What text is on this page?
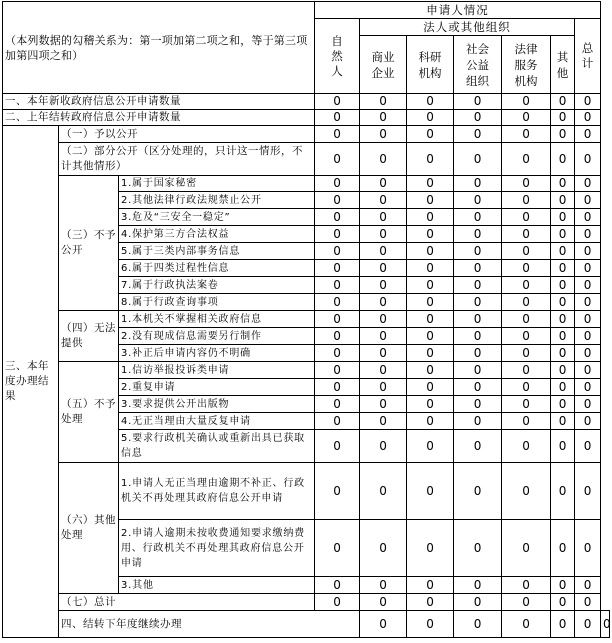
（本列数据的勾稽关系为：第一项加第二项之和，等于第三项加第四项之和）			申请人情况							

			自然人	法人或其他组织					总计	

				商业企业	科研机构	社会公益组织	法律服务机构	其他		

一、本年新收政府信息公开申请数量			0	0	0	0	0	0	0	
二、上年结转政府信息公开申请数量			0	0	0	0	0	0	0	

三、本年度办理结果	（一）予以公开		0	0	0	0	0	0	0	
	（二）部分公开（区分处理的，只计这一情形，不计其他情形）		0	0	0	0	0	0	0	
	（三）不予公开	1.属于国家秘密	0	0	0	0	0	0	0	
		2.其他法律行政法规禁止公开	0	0	0	0	0	0	0	
		3.危及“三安全一稳定”	0	0	0	0	0	0	0	
		4.保护第三方合法权益	0	0	0	0	0	0	0	
		5.属于三类内部事务信息	0	0	0	0	0	0	0	
		6.属于四类过程性信息	0	0	0	0	0	0	0	
		7.属于行政执法案卷	0	0	0	0	0	0	0	
		8.属于行政查询事项	0	0	0	0	0	0	0	
	（四）无法提供	1.本机关不掌握相关政府信息	0	0	0	0	0	0	0	
		2.没有现成信息需要另行制作	0	0	0	0	0	0	0	
		3.补正后申请内容仍不明确	0	0	0	0	0	0	0	
	（五）不予处理	1.信访举报投诉类申请	0	0	0	0	0	0	0	
		2.重复申请	0	0	0	0	0	0	0	
		3.要求提供公开出版物	0	0	0	0	0	0	0	
		4.无正当理由大量反复申请	0	0	0	0	0	0	0	
		5.要求行政机关确认或重新出具已获取信息	0	0	0	0	0	0	0	
	（六）其他处理	1.申请人无正当理由逾期不补正、行政机关不再处理其政府信息公开申请	0	0	0	0	0	0	0	
		2.申请人逾期未按收费通知要求缴纳费用、行政机关不再处理其政府信息公开申请	0	0	0	0	0	0	0	
		3.其他	0	0	0	0	0	0	0	
	（七）总计		0	0	0	0	0	0	0	
	四、结转下年度继续办理			0	0	0	0	0	0	0
